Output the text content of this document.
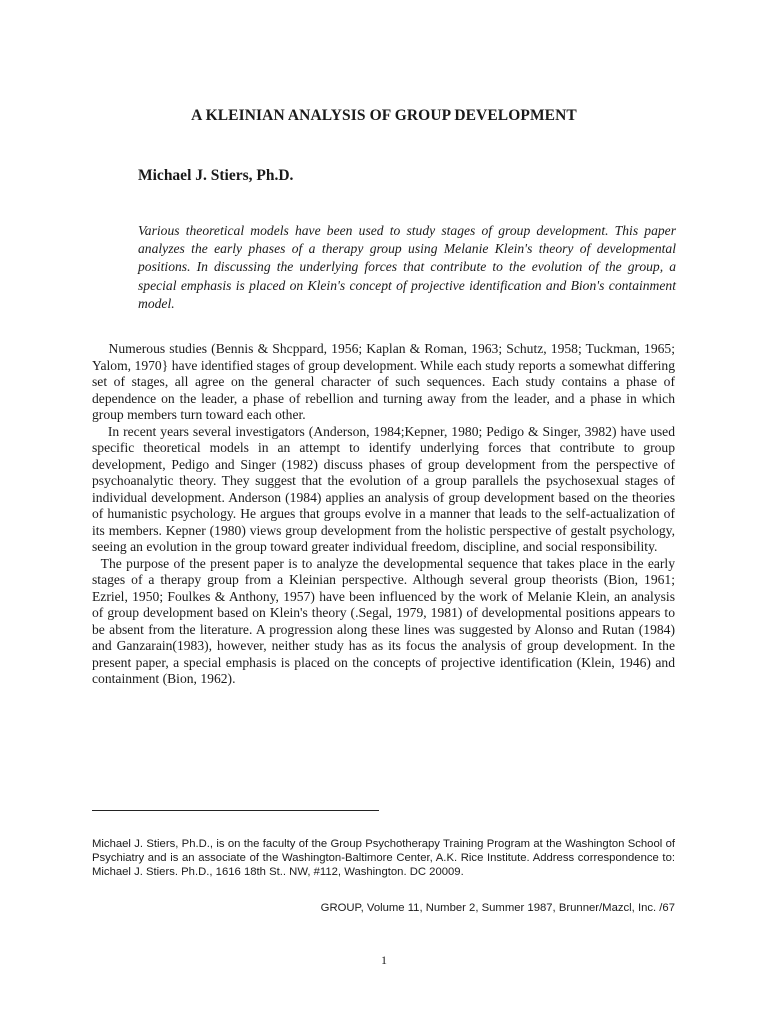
A KLEINIAN ANALYSIS OF GROUP DEVELOPMENT
Michael J. Stiers, Ph.D.

Various theoretical models have been used to study stages of group development. This paper analyzes the early phases of a therapy group using Melanie Klein's theory of developmental positions. In discussing the underlying forces that contribute to the evolution of the group, a special emphasis is placed on Klein's concept of projective identification and Bion's containment model.

Numerous studies (Bennis & Shcppard, 1956; Kaplan & Roman, 1963; Schutz, 1958; Tuckman, 1965; Yalom, 1970} have identified stages of group development. While each study reports a somewhat differing set of stages, all agree on the general character of such sequences. Each study contains a phase of dependence on the leader, a phase of rebellion and turning away from the leader, and a phase in which group members turn toward each other.

In recent years several investigators (Anderson, 1984;Kepner, 1980; Pedigo & Singer, 3982) have used specific theoretical models in an attempt to identify underlying forces that contribute to group development, Pedigo and Singer (1982) discuss phases of group development from the perspective of psychoanalytic theory. They suggest that the evolution of a group parallels the psychosexual stages of individual development. Anderson (1984) applies an analysis of group development based on the theories of humanistic psychology. He argues that groups evolve in a manner that leads to the self-actualization of its members. Kepner (1980) views group development from the holistic perspective of gestalt psychology, seeing an evolution in the group toward greater individual freedom, discipline, and social responsibility.

The purpose of the present paper is to analyze the developmental sequence that takes place in the early stages of a therapy group from a Kleinian perspective. Although several group theorists (Bion, 1961; Ezriel, 1950; Foulkes & Anthony, 1957) have been influenced by the work of Melanie Klein, an analysis of group development based on Klein's theory (.Segal, 1979, 1981) of developmental positions appears to be absent from the literature. A progression along these lines was suggested by Alonso and Rutan (1984) and Ganzarain(1983), however, neither study has as its focus the analysis of group development. In the present paper, a special emphasis is placed on the concepts of projective identification (Klein, 1946) and containment (Bion, 1962).

Michael J. Stiers, Ph.D., is on the faculty of the Group Psychotherapy Training Program at the Washington School of Psychiatry and is an associate of the Washington-Baltimore Center, A.K. Rice Institute. Address correspondence to: Michael J. Stiers. Ph.D., 1616 18th St.. NW, #112, Washington. DC 20009.

GROUP, Volume 11, Number 2, Summer 1987, Brunner/Mazcl, Inc. /67
1
